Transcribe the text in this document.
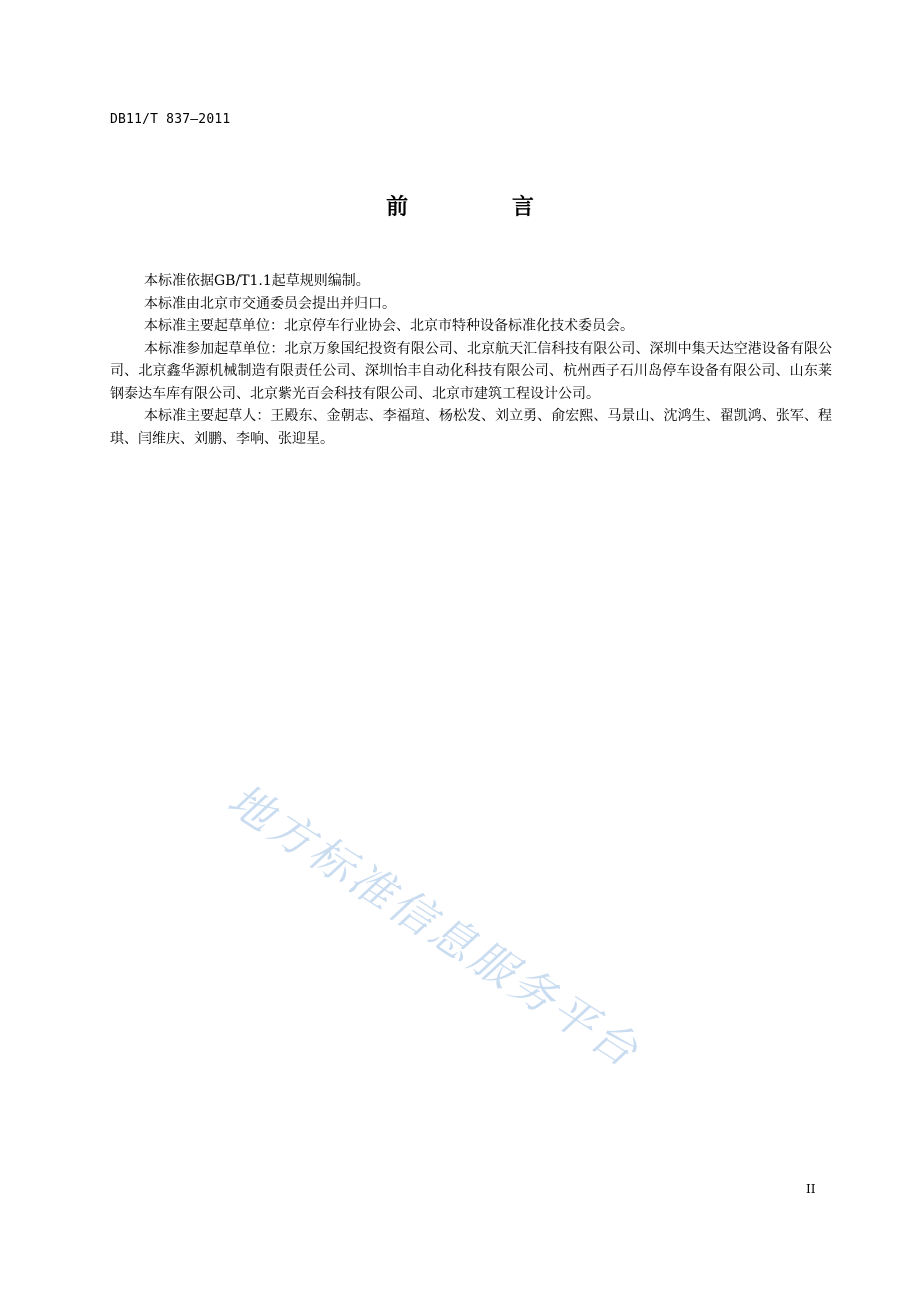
DB11/T 837—2011
前 言

本标准依据GB/T1.1起草规则编制。

本标准由北京市交通委员会提出并归口。

本标准主要起草单位：北京停车行业协会、北京市特种设备标准化技术委员会。

本标准参加起草单位：北京万象国纪投资有限公司、北京航天汇信科技有限公司、深圳中集天达空港设备有限公司、北京鑫华源机械制造有限责任公司、深圳怡丰自动化科技有限公司、杭州西子石川岛停车设备有限公司、山东莱钢泰达车库有限公司、北京紫光百会科技有限公司、北京市建筑工程设计公司。

本标准主要起草人：王殿东、金朝志、李福瑄、杨松发、刘立勇、俞宏熙、马景山、沈鸿生、翟凯鸿、张军、程琪、闫维庆、刘鹏、李响、张迎星。

地方标准信息服务平台
II
